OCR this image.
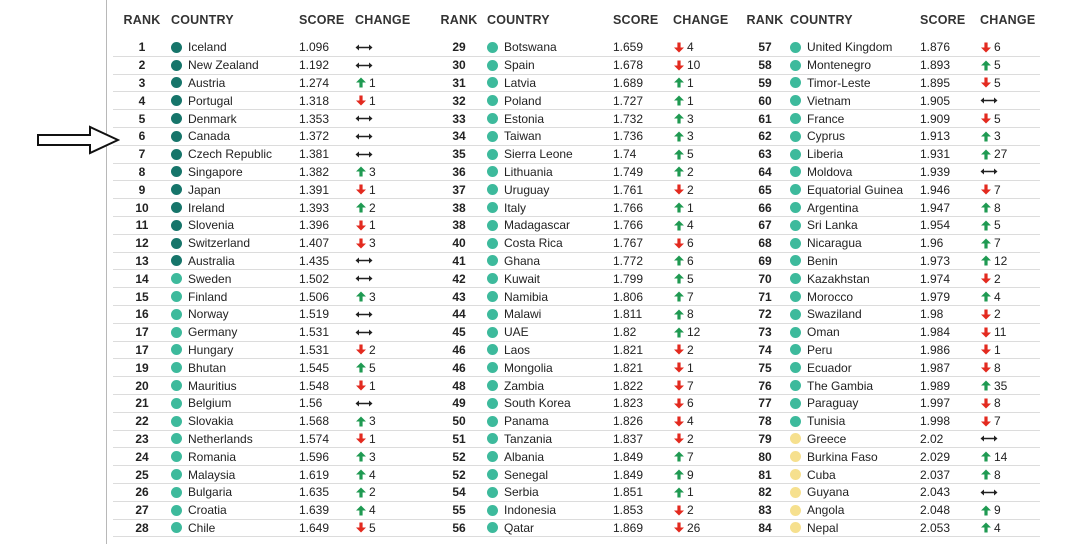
RANK COUNTRY	SCORE CHANGE
1	Iceland	1.096
2	New Zealand	1.192
3	Austria	1.274	1
4	Portugal	1.318	1
5	Denmark	1.353
6	Canada	1.372
7	Czech Republic 1.381
8	Singapore	1.382	3
9	Japan	1.391	1
10	Ireland	1.393	2
11	Slovenia	1.396	1
12	Switzerland	1.407	3
13	Australia	1.435
14	Sweden	1.502
15	Finland	1.506	3
16	Norway	1.519
17	Germany	1.531
17	Hungary	1.531	2
19	Bhutan	1.545	5
20	Mauritius	1.548	1
21	Belgium	1.56
22	Slovakia	1.568	3
23	Netherlands	1.574	1
24	Romania	1.596	3
25	Malaysia	1.619	4
26	Bulgaria	1.635	2
27	Croatia	1.639	4
28	Chile	1.649	5
RANK COUNTRY	SCORE	CHANGE
29	Botswana	1.659	4
30	Spain	1.678	10
31	Latvia	1.689	1
32	Poland	1.727	1
33	Estonia	1.732	3
34	Taiwan	1.736	3
35	Sierra Leone	1.74	5
36	Lithuania	1.749	2
37	Uruguay	1.761	2
38	Italy	1.766	1
38	Madagascar	1.766	4
40	Costa Rica	1.767	6
41	Ghana	1.772	6
42	Kuwait	1.799	5
43	Namibia	1.806	7
44	Malawi	1.811	8
45	UAE	1.82	12
46	Laos	1.821	2
46	Mongolia	1.821	1
48	Zambia	1.822	7
49	South Korea	1.823	6
50	Panama	1.826	4
51	Tanzania	1.837	2
52	Albania	1.849	7
52	Senegal	1.849	9
54	Serbia	1.851	1
55	Indonesia	1.853	2
56	Qatar	1.869	26
RANK COUNTRY	SCORE	CHANGE
57	United Kingdom 1.876	6
58	Montenegro	1.893	5
59	Timor-Leste	1.895	5
60	Vietnam	1.905
61	France	1.909	5
62	Cyprus	1.913	3
63	Liberia	1.931	27
64	Moldova	1.939
65	Equatorial Guinea 1.946	7
66	Argentina	1.947	8
67	Sri Lanka	1.954	5
68	Nicaragua	1.96	7
69	Benin	1.973	12
70	Kazakhstan	1.974	2
71	Morocco	1.979	4
72	Swaziland	1.98	2
73	Oman	1.984	11
74	Peru	1.986	1
75	Ecuador	1.987	8
76	The Gambia	1.989	35
77	Paraguay	1.997	8
78	Tunisia	1.998	7
79	Greece	2.02
80	Burkina Faso	2.029	14
81	Cuba	2.037	8
82	Guyana	2.043
83	Angola	2.048	9
84	Nepal	2.053	4
